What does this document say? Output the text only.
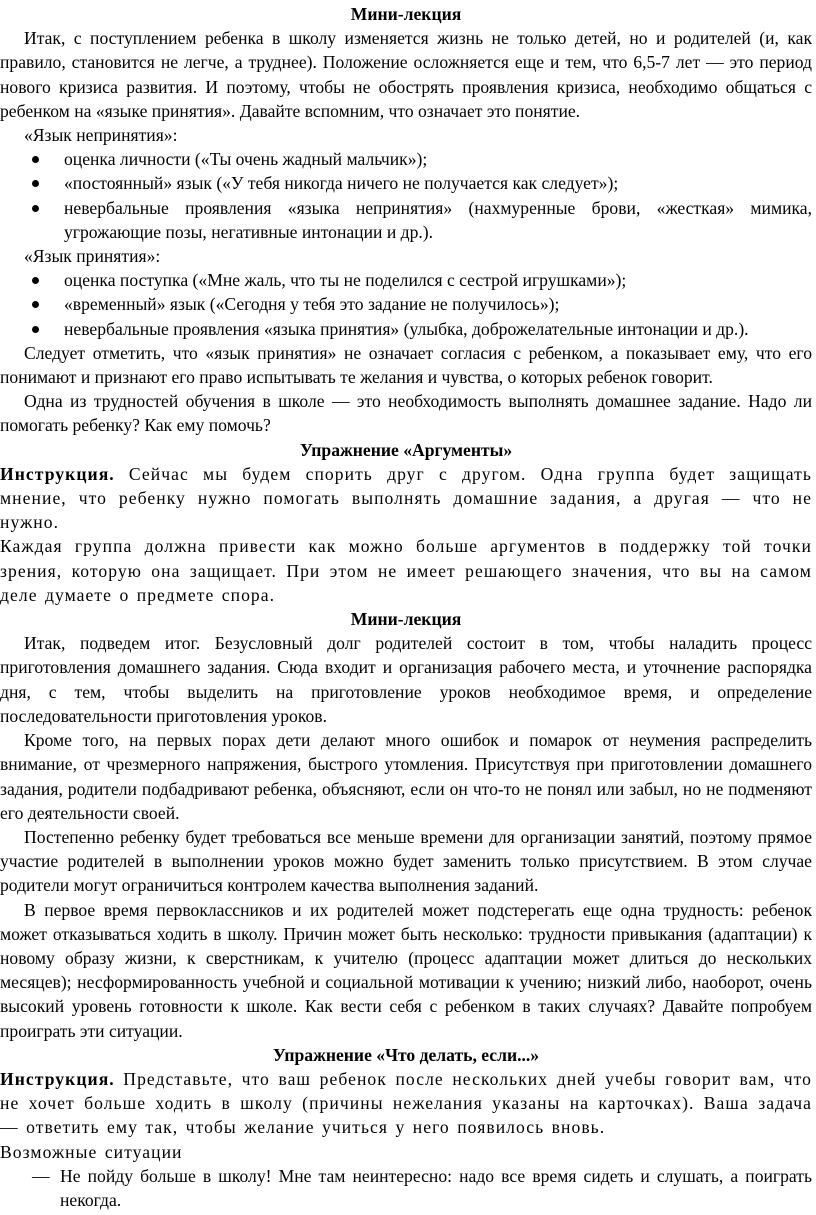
Мини-лекция

Итак, с поступлением ребенка в школу изменяется жизнь не только детей, но и родителей (и, как правило, становится не легче, а труднее). Положение осложняется еще и тем, что 6,5-7 лет — это период нового кризиса развития. И поэтому, чтобы не обострять проявления кризиса, необходимо общаться с ребенком на «языке принятия». Давайте вспомним, что означает это понятие.

«Язык непринятия»:

оценка личности («Ты очень жадный мальчик»);
«постоянный» язык («У тебя никогда ничего не получается как следует»);
невербальные проявления «языка непринятия» (нахмуренные брови, «жесткая» мимика, угрожающие позы, негативные интонации и др.).

«Язык принятия»:

оценка поступка («Мне жаль, что ты не поделился с сестрой игрушками»);
«временный» язык («Сегодня у тебя это задание не получилось»);
невербальные проявления «языка принятия» (улыбка, доброжелательные интонации и др.).

Следует отметить, что «язык принятия» не означает согласия с ребенком, а показывает ему, что его понимают и признают его право испытывать те желания и чувства, о которых ребенок говорит.

Одна из трудностей обучения в школе — это необходимость выполнять домашнее задание. Надо ли помогать ребенку? Как ему помочь?

Упражнение «Аргументы»

Инструкция. Сейчас мы будем спорить друг с другом. Одна группа будет защищать мнение, что ребенку нужно помогать выполнять домашние задания, а другая — что не нужно.

Каждая группа должна привести как можно больше аргументов в поддержку той точки зрения, которую она защищает. При этом не имеет решающего значения, что вы на самом деле думаете о предмете спора.

Мини-лекция

Итак, подведем итог. Безусловный долг родителей состоит в том, чтобы наладить процесс приготовления домашнего задания. Сюда входит и организация рабочего места, и уточнение распорядка дня, с тем, чтобы выделить на приготовление уроков необходимое время, и определение последовательности приготовления уроков.

Кроме того, на первых порах дети делают много ошибок и помарок от неумения распределить внимание, от чрезмерного напряжения, быстрого утомления. Присутствуя при приготовлении домашнего задания, родители подбадривают ребенка, объясняют, если он что-то не понял или забыл, но не подменяют его деятельности своей.

Постепенно ребенку будет требоваться все меньше времени для организации занятий, поэтому прямое участие родителей в выполнении уроков можно будет заменить только присутствием. В этом случае родители могут ограничиться контролем качества выполнения заданий.

В первое время первоклассников и их родителей может подстерегать еще одна трудность: ребенок может отказываться ходить в школу. Причин может быть несколько: трудности привыкания (адаптации) к новому образу жизни, к сверстникам, к учителю (процесс адаптации может длиться до нескольких месяцев); несформированность учебной и социальной мотивации к учению; низкий либо, наоборот, очень высокий уровень готовности к школе. Как вести себя с ребенком в таких случаях? Давайте попробуем проиграть эти ситуации.

Упражнение «Что делать, если...»

Инструкция. Представьте, что ваш ребенок после нескольких дней учебы говорит вам, что не хочет больше ходить в школу (причины нежелания указаны на карточках). Ваша задача — ответить ему так, чтобы желание учиться у него появилось вновь.

Возможные ситуации

— Не пойду больше в школу! Мне там неинтересно: надо все время сидеть и слушать, а поиграть некогда.
